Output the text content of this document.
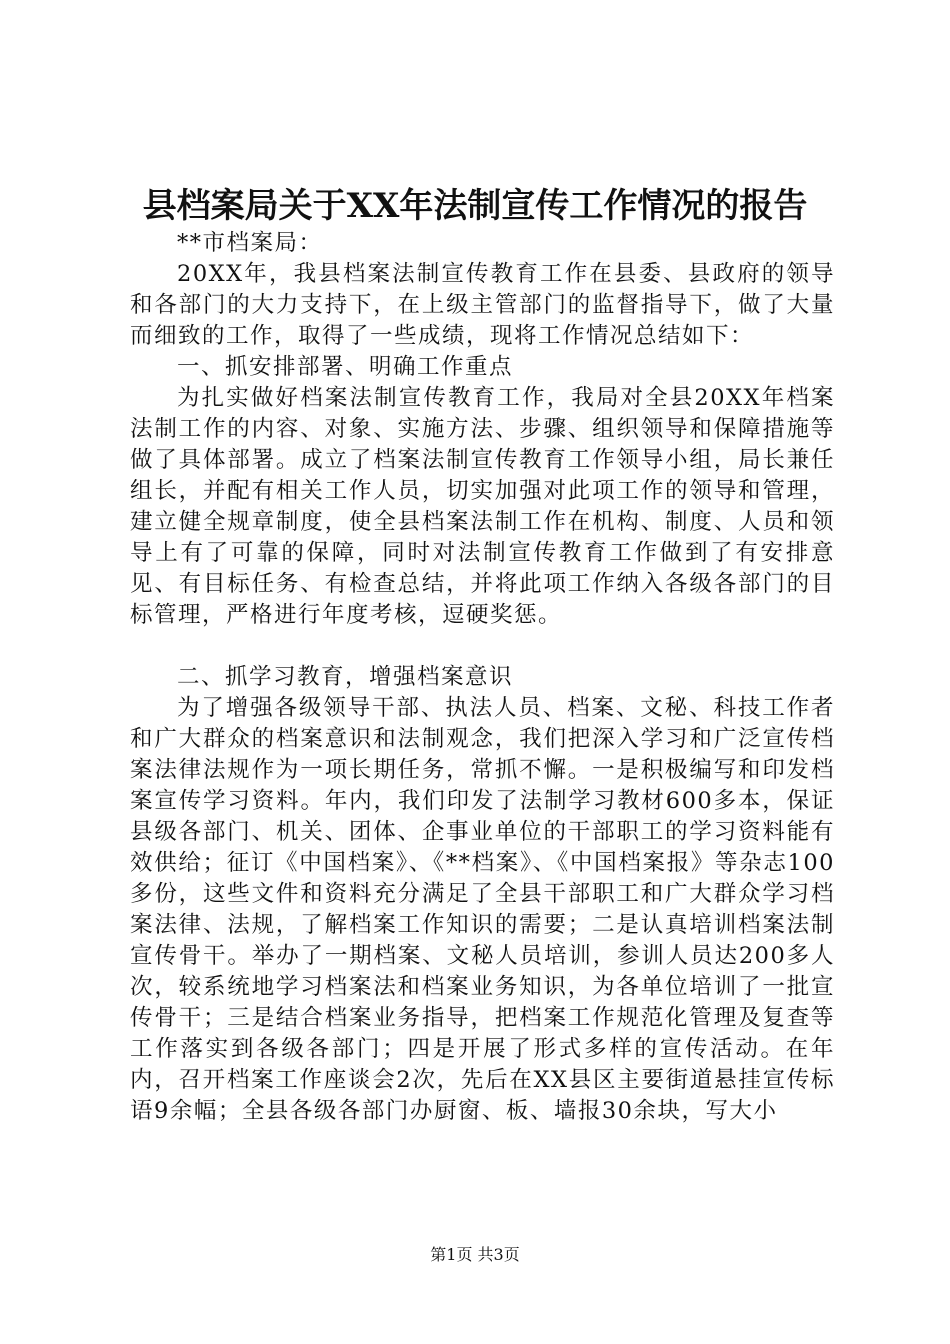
县档案局关于XX年法制宣传工作情况的报告

**市档案局：

20XX年，我县档案法制宣传教育工作在县委、县政府的领导和各部门的大力支持下，在上级主管部门的监督指导下，做了大量而细致的工作，取得了一些成绩，现将工作情况总结如下：

一、抓安排部署、明确工作重点

为扎实做好档案法制宣传教育工作，我局对全县20XX年档案法制工作的内容、对象、实施方法、步骤、组织领导和保障措施等做了具体部署。成立了档案法制宣传教育工作领导小组，局长兼任组长，并配有相关工作人员，切实加强对此项工作的领导和管理，建立健全规章制度，使全县档案法制工作在机构、制度、人员和领导上有了可靠的保障，同时对法制宣传教育工作做到了有安排意见、有目标任务、有检查总结，并将此项工作纳入各级各部门的目标管理，严格进行年度考核，逗硬奖惩。

二、抓学习教育，增强档案意识

为了增强各级领导干部、执法人员、档案、文秘、科技工作者和广大群众的档案意识和法制观念，我们把深入学习和广泛宣传档案法律法规作为一项长期任务，常抓不懈。一是积极编写和印发档案宣传学习资料。年内，我们印发了法制学习教材600多本，保证县级各部门、机关、团体、企事业单位的干部职工的学习资料能有效供给；征订《中国档案》、《**档案》、《中国档案报》等杂志100多份，这些文件和资料充分满足了全县干部职工和广大群众学习档案法律、法规，了解档案工作知识的需要；二是认真培训档案法制宣传骨干。举办了一期档案、文秘人员培训，参训人员达200多人次，较系统地学习档案法和档案业务知识，为各单位培训了一批宣传骨干；三是结合档案业务指导，把档案工作规范化管理及复查等工作落实到各级各部门；四是开展了形式多样的宣传活动。在年内，召开档案工作座谈会2次，先后在XX县区主要街道悬挂宣传标语9余幅；全县各级各部门办厨窗、板、墙报30余块，写大小

第1页 共3页
